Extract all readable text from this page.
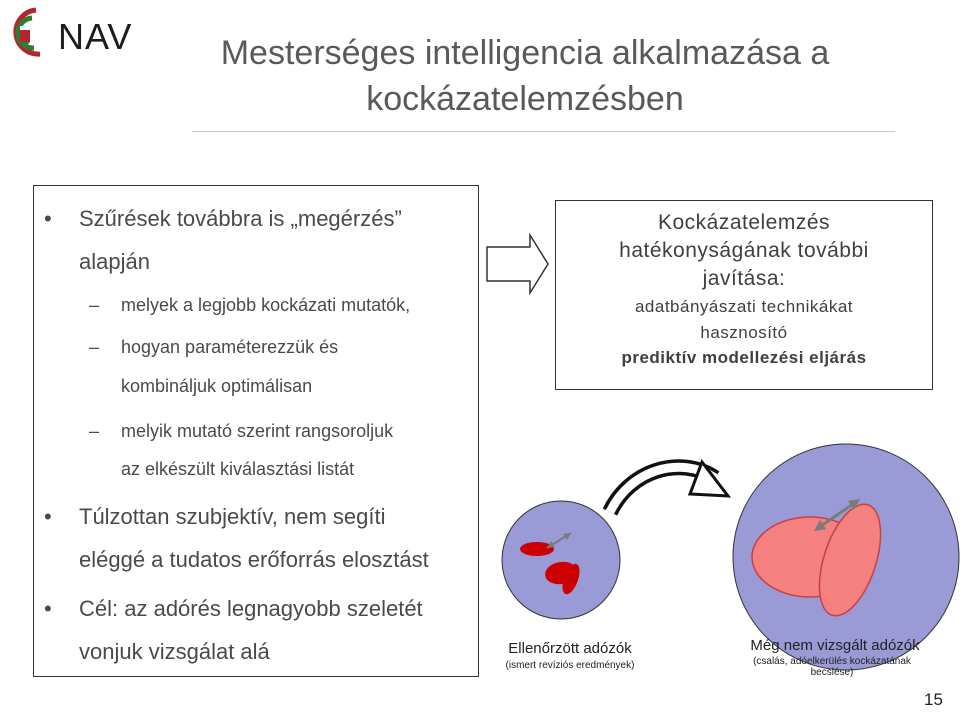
NAV	Mesterséges intelligencia alkalmazása a
kockázatelemzésben
• Szűrések továbbra is „megérzés”
alapján
– melyek a legjobb kockázati mutatók,
– hogyan paraméterezzük és
kombináljuk optimálisan
– melyik mutató szerint rangsoroljuk
az elkészült kiválasztási listát
• Túlzottan szubjektív, nem segíti
eléggé a tudatos erőforrás elosztást
• Cél: az adórés legnagyobb szeletét
vonjuk vizsgálat alá
Kockázatelemzés
hatékonyságának további
javítása:
adatbányászati technikákat
hasznosító
prediktív modellezési eljárás
Ellenőrzött adózók
(ismert revíziós eredmények)
Még nem vizsgált adózók
(csalás, adóelkerülés kockázatának becslése)
15
